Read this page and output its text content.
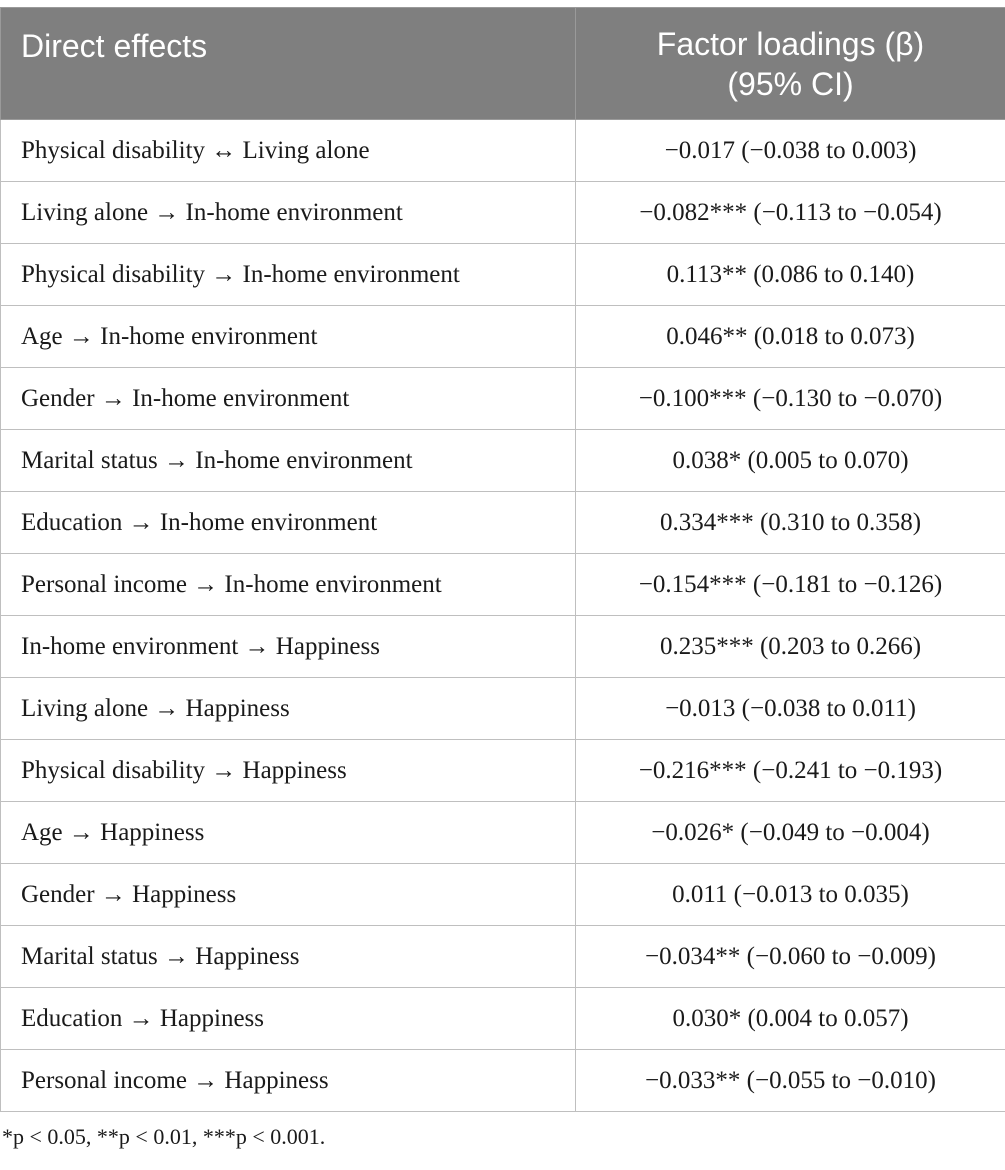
Direct effects	Factor loadings (β)
(95% CI)

Physical disability ↔ Living alone	−0.017 (−0.038 to 0.003)
Living alone → In-home environment	−0.082*** (−0.113 to −0.054)
Physical disability → In-home environment	0.113** (0.086 to 0.140)
Age → In-home environment	0.046** (0.018 to 0.073)
Gender → In-home environment	−0.100*** (−0.130 to −0.070)
Marital status → In-home environment	0.038* (0.005 to 0.070)
Education → In-home environment	0.334*** (0.310 to 0.358)
Personal income → In-home environment	−0.154*** (−0.181 to −0.126)
In-home environment → Happiness	0.235*** (0.203 to 0.266)
Living alone → Happiness	−0.013 (−0.038 to 0.011)
Physical disability → Happiness	−0.216*** (−0.241 to −0.193)
Age → Happiness	−0.026* (−0.049 to −0.004)
Gender → Happiness	0.011 (−0.013 to 0.035)
Marital status → Happiness	−0.034** (−0.060 to −0.009)
Education → Happiness	0.030* (0.004 to 0.057)
Personal income → Happiness	−0.033** (−0.055 to −0.010)
*p < 0.05, **p < 0.01, ***p < 0.001.
